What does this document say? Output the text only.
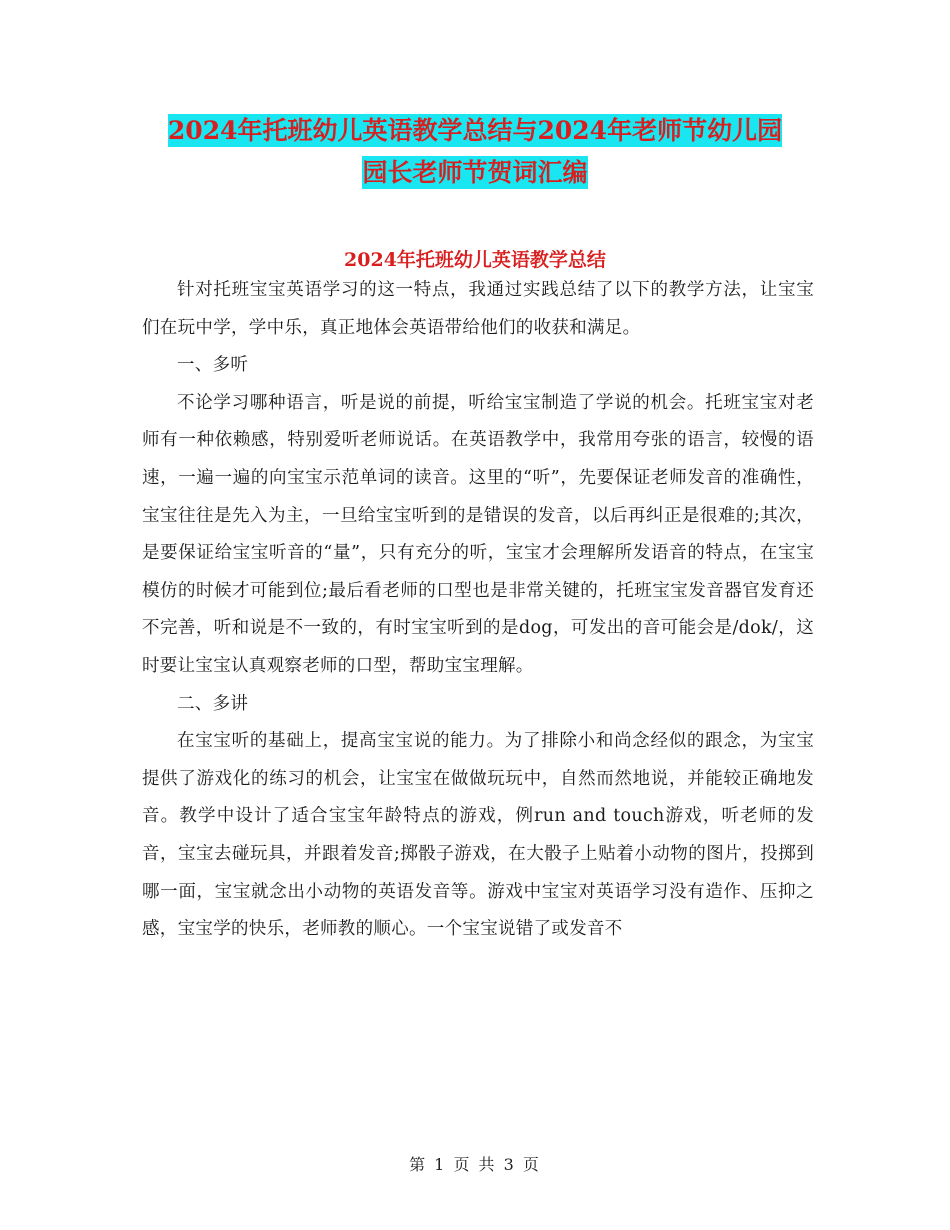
2024年托班幼儿英语教学总结与2024年老师节幼儿园
园长老师节贺词汇编
2024年托班幼儿英语教学总结

针对托班宝宝英语学习的这一特点，我通过实践总结了以下的教学方法，让宝宝们在玩中学，学中乐，真正地体会英语带给他们的收获和满足。

一、多听

不论学习哪种语言，听是说的前提，听给宝宝制造了学说的机会。托班宝宝对老师有一种依赖感，特别爱听老师说话。在英语教学中，我常用夸张的语言，较慢的语速，一遍一遍的向宝宝示范单词的读音。这里的“听”，先要保证老师发音的准确性，宝宝往往是先入为主，一旦给宝宝听到的是错误的发音，以后再纠正是很难的;其次，是要保证给宝宝听音的“量”，只有充分的听，宝宝才会理解所发语音的特点，在宝宝模仿的时候才可能到位;最后看老师的口型也是非常关键的，托班宝宝发音器官发育还不完善，听和说是不一致的，有时宝宝听到的是dog，可发出的音可能会是/dok/，这时要让宝宝认真观察老师的口型，帮助宝宝理解。

二、多讲

在宝宝听的基础上，提高宝宝说的能力。为了排除小和尚念经似的跟念，为宝宝提供了游戏化的练习的机会，让宝宝在做做玩玩中，自然而然地说，并能较正确地发音。教学中设计了适合宝宝年龄特点的游戏，例run and touch游戏，听老师的发音，宝宝去碰玩具，并跟着发音;掷骰子游戏，在大骰子上贴着小动物的图片，投掷到哪一面，宝宝就念出小动物的英语发音等。游戏中宝宝对英语学习没有造作、压抑之感，宝宝学的快乐，老师教的顺心。一个宝宝说错了或发音不

第 1 页 共 3 页
